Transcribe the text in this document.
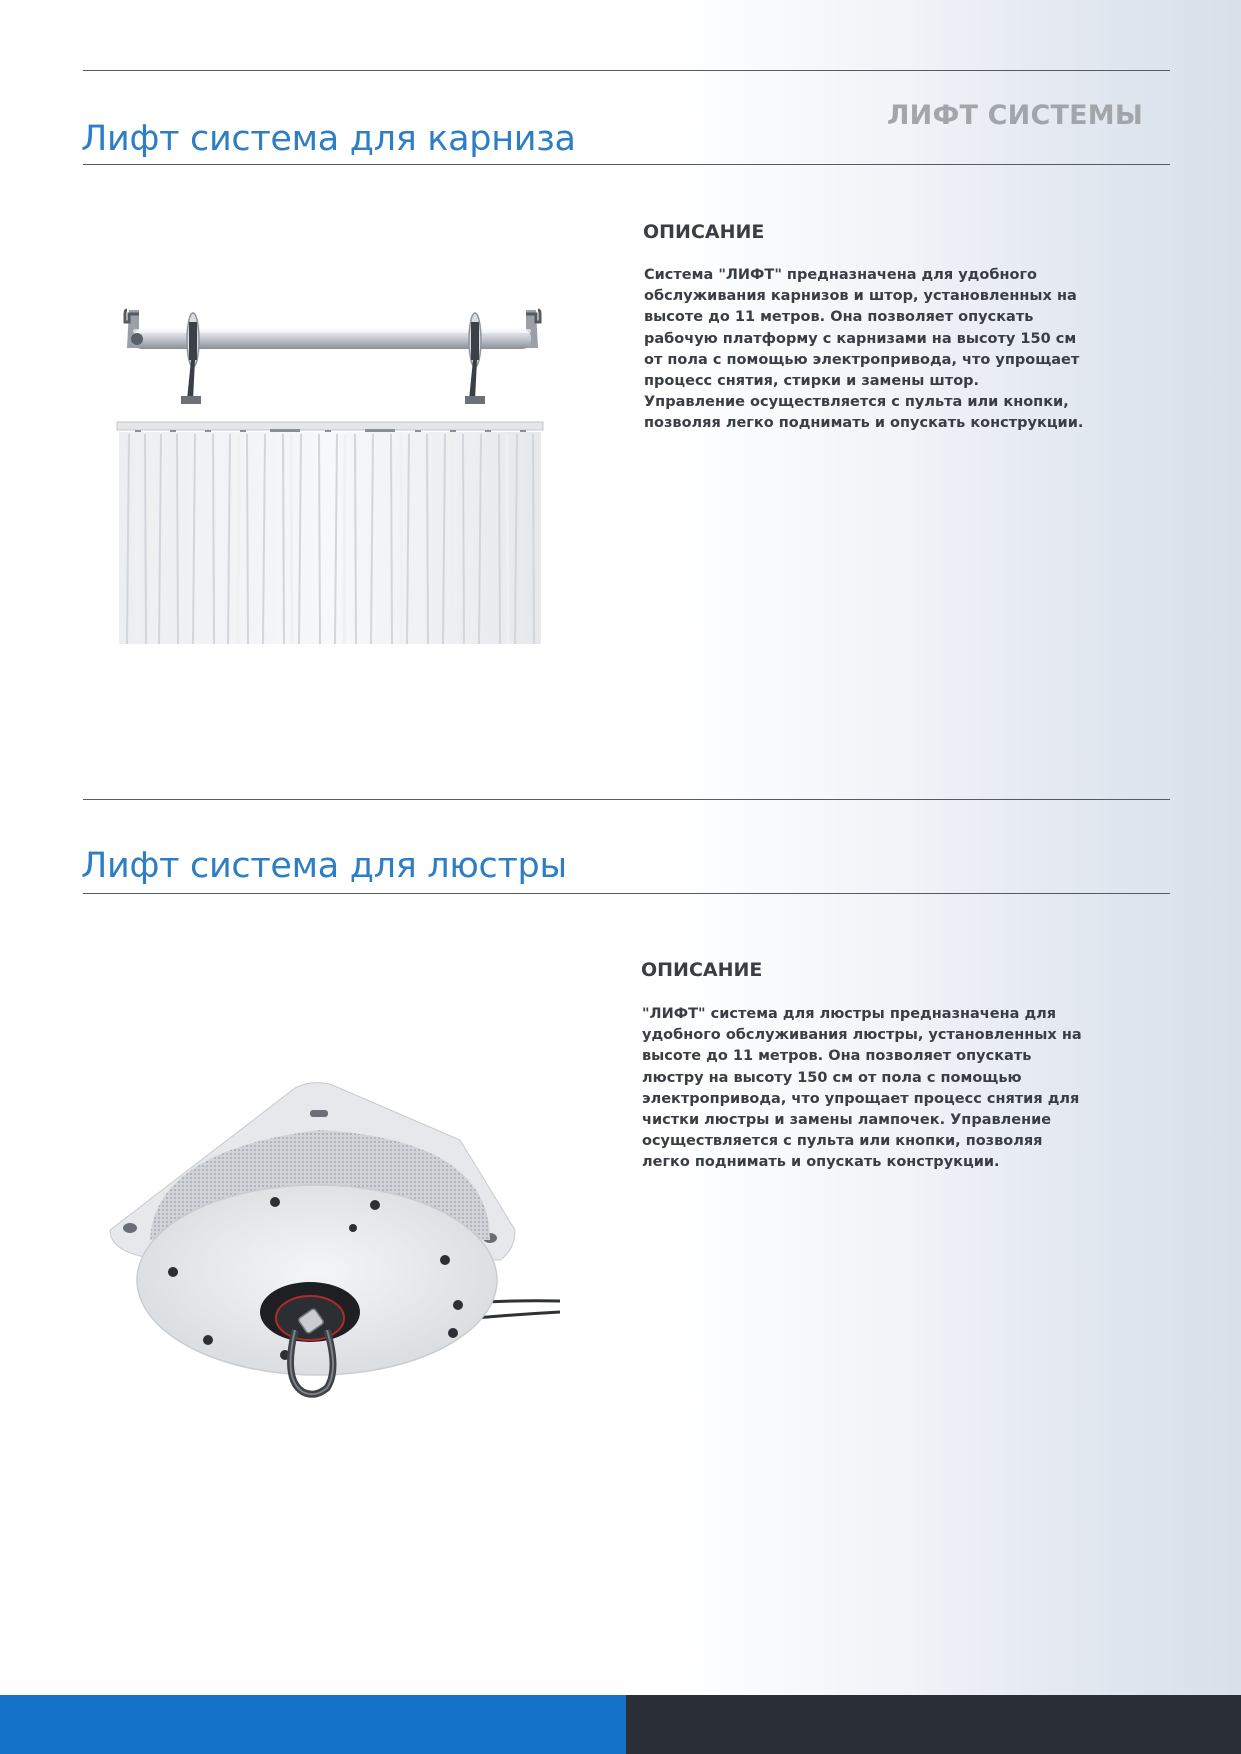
ЛИФТ СИСТЕМЫ
Лифт система для карниза
ОПИСАНИЕ

Система "ЛИФТ" предназначена для удобного обслуживания карнизов и штор, установленных на высоте до 11 метров. Она позволяет опускать рабочую платформу с карнизами на высоту 150 см от пола с помощью электропривода, что упрощает процесс снятия, стирки и замены штор. Управление осуществляется с пульта или кнопки, позволяя легко поднимать и опускать конструкции.

Лифт система для люстры
ОПИСАНИЕ

"ЛИФТ" система для люстры предназначена для удобного обслуживания люстры, установленных на высоте до 11 метров. Она позволяет опускать люстру на высоту 150 см от пола с помощью электропривода, что упрощает процесс снятия для чистки люстры и замены лампочек. Управление осуществляется с пульта или кнопки, позволяя легко поднимать и опускать конструкции.
